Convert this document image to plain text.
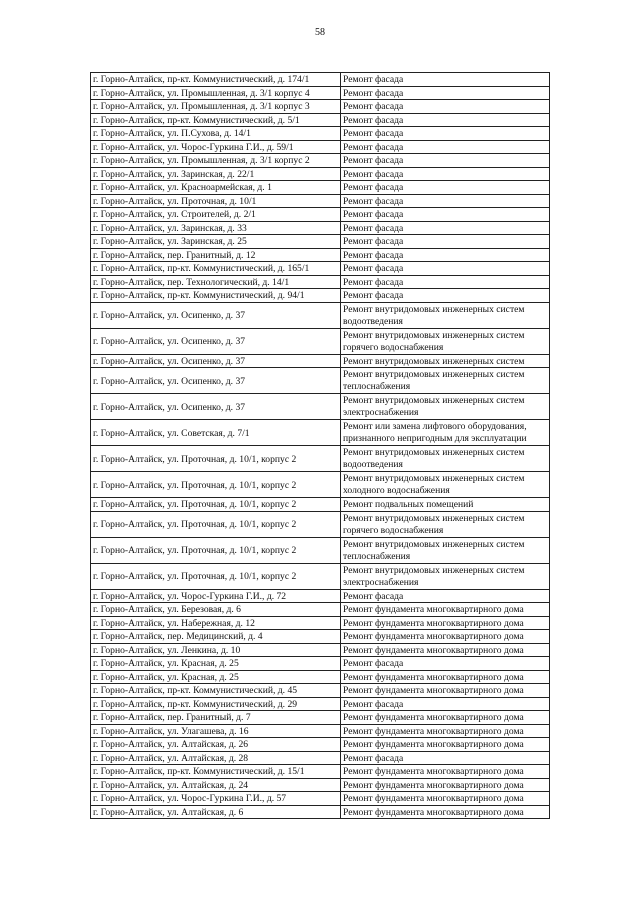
58
г. Горно-Алтайск, пр-кт. Коммунистический, д. 174/1	Ремонт фасада
г. Горно-Алтайск, ул. Промышленная, д. 3/1 корпус 4	Ремонт фасада
г. Горно-Алтайск, ул. Промышленная, д. 3/1 корпус 3	Ремонт фасада
г. Горно-Алтайск, пр-кт. Коммунистический, д. 5/1	Ремонт фасада
г. Горно-Алтайск, ул. П.Сухова, д. 14/1	Ремонт фасада
г. Горно-Алтайск, ул. Чорос-Гуркина Г.И., д. 59/1	Ремонт фасада
г. Горно-Алтайск, ул. Промышленная, д. 3/1 корпус 2	Ремонт фасада
г. Горно-Алтайск, ул. Заринская, д. 22/1	Ремонт фасада
г. Горно-Алтайск, ул. Красноармейская, д. 1	Ремонт фасада
г. Горно-Алтайск, ул. Проточная, д. 10/1	Ремонт фасада
г. Горно-Алтайск, ул. Строителей, д. 2/1	Ремонт фасада
г. Горно-Алтайск, ул. Заринская, д. 33	Ремонт фасада
г. Горно-Алтайск, ул. Заринская, д. 25	Ремонт фасада
г. Горно-Алтайск, пер. Гранитный, д. 12	Ремонт фасада
г. Горно-Алтайск, пр-кт. Коммунистический, д. 165/1	Ремонт фасада
г. Горно-Алтайск, пер. Технологический, д. 14/1	Ремонт фасада
г. Горно-Алтайск, пр-кт. Коммунистический, д. 94/1	Ремонт фасада
г. Горно-Алтайск, ул. Осипенко, д. 37	Ремонт внутридомовых инженерных систем водоотведения
г. Горно-Алтайск, ул. Осипенко, д. 37	Ремонт внутридомовых инженерных систем горячего водоснабжения
г. Горно-Алтайск, ул. Осипенко, д. 37	Ремонт внутридомовых инженерных систем
г. Горно-Алтайск, ул. Осипенко, д. 37	Ремонт внутридомовых инженерных систем теплоснабжения
г. Горно-Алтайск, ул. Осипенко, д. 37	Ремонт внутридомовых инженерных систем электроснабжения
г. Горно-Алтайск, ул. Советская, д. 7/1	Ремонт или замена лифтового оборудования, признанного непригодным для эксплуатации
г. Горно-Алтайск, ул. Проточная, д. 10/1, корпус 2	Ремонт внутридомовых инженерных систем водоотведения
г. Горно-Алтайск, ул. Проточная, д. 10/1, корпус 2	Ремонт внутридомовых инженерных систем холодного водоснабжения
г. Горно-Алтайск, ул. Проточная, д. 10/1, корпус 2	Ремонт подвальных помещений
г. Горно-Алтайск, ул. Проточная, д. 10/1, корпус 2	Ремонт внутридомовых инженерных систем горячего водоснабжения
г. Горно-Алтайск, ул. Проточная, д. 10/1, корпус 2	Ремонт внутридомовых инженерных систем теплоснабжения
г. Горно-Алтайск, ул. Проточная, д. 10/1, корпус 2	Ремонт внутридомовых инженерных систем электроснабжения
г. Горно-Алтайск, ул. Чорос-Гуркина Г.И., д. 72	Ремонт фасада
г. Горно-Алтайск, ул. Березовая, д. 6	Ремонт фундамента многоквартирного дома
г. Горно-Алтайск, ул. Набережная, д. 12	Ремонт фундамента многоквартирного дома
г. Горно-Алтайск, пер. Медицинский, д. 4	Ремонт фундамента многоквартирного дома
г. Горно-Алтайск, ул. Ленкина, д. 10	Ремонт фундамента многоквартирного дома
г. Горно-Алтайск, ул. Красная, д. 25	Ремонт фасада
г. Горно-Алтайск, ул. Красная, д. 25	Ремонт фундамента многоквартирного дома
г. Горно-Алтайск, пр-кт. Коммунистический, д. 45	Ремонт фундамента многоквартирного дома
г. Горно-Алтайск, пр-кт. Коммунистический, д. 29	Ремонт фасада
г. Горно-Алтайск, пер. Гранитный, д. 7	Ремонт фундамента многоквартирного дома
г. Горно-Алтайск, ул. Улагашева, д. 16	Ремонт фундамента многоквартирного дома
г. Горно-Алтайск, ул. Алтайская, д. 26	Ремонт фундамента многоквартирного дома
г. Горно-Алтайск, ул. Алтайская, д. 28	Ремонт фасада
г. Горно-Алтайск, пр-кт. Коммунистический, д. 15/1	Ремонт фундамента многоквартирного дома
г. Горно-Алтайск, ул. Алтайская, д. 24	Ремонт фундамента многоквартирного дома
г. Горно-Алтайск, ул. Чорос-Гуркина Г.И., д. 57	Ремонт фундамента многоквартирного дома
г. Горно-Алтайск, ул. Алтайская, д. 6	Ремонт фундамента многоквартирного дома
